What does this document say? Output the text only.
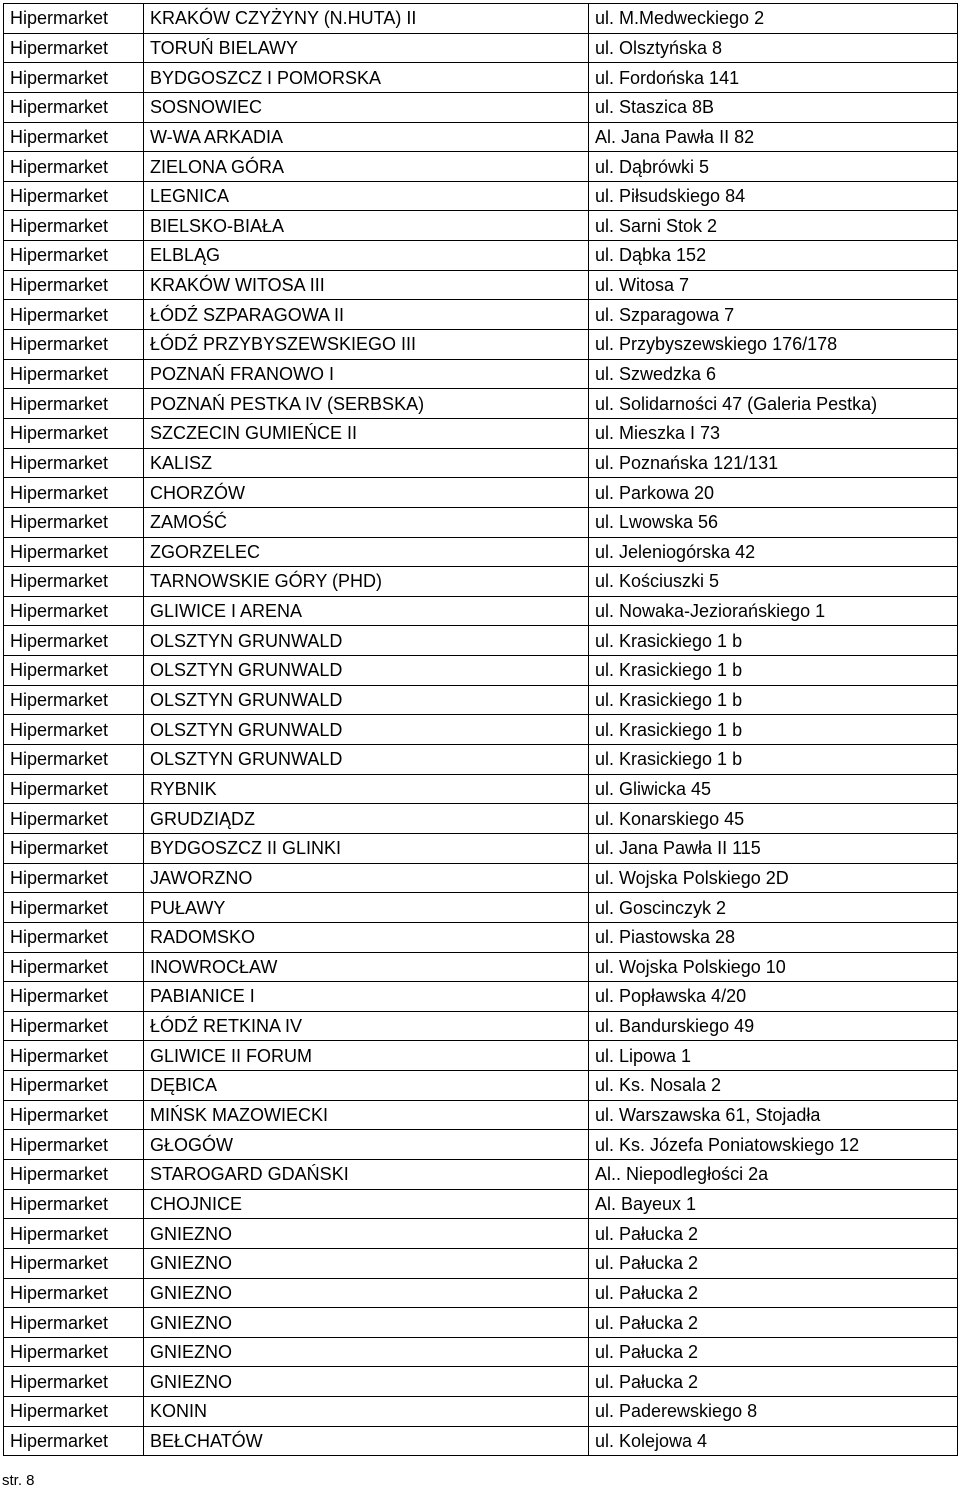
Hipermarket	KRAKÓW CZYŻYNY (N.HUTA) II	ul. M.Medweckiego 2
Hipermarket	TORUŃ BIELAWY	ul. Olsztyńska 8
Hipermarket	BYDGOSZCZ I POMORSKA	ul. Fordońska 141
Hipermarket	SOSNOWIEC	ul. Staszica 8B
Hipermarket	W-WA ARKADIA	Al. Jana Pawła II 82
Hipermarket	ZIELONA GÓRA	ul. Dąbrówki 5
Hipermarket	LEGNICA	ul. Piłsudskiego 84
Hipermarket	BIELSKO-BIAŁA	ul. Sarni Stok 2
Hipermarket	ELBLĄG	ul. Dąbka 152
Hipermarket	KRAKÓW WITOSA III	ul. Witosa 7
Hipermarket	ŁÓDŹ SZPARAGOWA II	ul. Szparagowa 7
Hipermarket	ŁÓDŹ PRZYBYSZEWSKIEGO III	ul. Przybyszewskiego 176/178
Hipermarket	POZNAŃ FRANOWO I	ul. Szwedzka 6
Hipermarket	POZNAŃ PESTKA IV (SERBSKA)	ul. Solidarności 47 (Galeria Pestka)
Hipermarket	SZCZECIN GUMIEŃCE II	ul. Mieszka I 73
Hipermarket	KALISZ	ul. Poznańska 121/131
Hipermarket	CHORZÓW	ul. Parkowa 20
Hipermarket	ZAMOŚĆ	ul. Lwowska 56
Hipermarket	ZGORZELEC	ul. Jeleniogórska 42
Hipermarket	TARNOWSKIE GÓRY (PHD)	ul. Kościuszki 5
Hipermarket	GLIWICE I ARENA	ul. Nowaka-Jeziorańskiego 1
Hipermarket	OLSZTYN GRUNWALD	ul. Krasickiego 1 b
Hipermarket	OLSZTYN GRUNWALD	ul. Krasickiego 1 b
Hipermarket	OLSZTYN GRUNWALD	ul. Krasickiego 1 b
Hipermarket	OLSZTYN GRUNWALD	ul. Krasickiego 1 b
Hipermarket	OLSZTYN GRUNWALD	ul. Krasickiego 1 b
Hipermarket	RYBNIK	ul. Gliwicka 45
Hipermarket	GRUDZIĄDZ	ul. Konarskiego 45
Hipermarket	BYDGOSZCZ II GLINKI	ul. Jana Pawła II 115
Hipermarket	JAWORZNO	ul. Wojska Polskiego 2D
Hipermarket	PUŁAWY	ul. Goscinczyk 2
Hipermarket	RADOMSKO	ul. Piastowska 28
Hipermarket	INOWROCŁAW	ul. Wojska Polskiego 10
Hipermarket	PABIANICE I	ul. Popławska 4/20
Hipermarket	ŁÓDŹ RETKINA IV	ul. Bandurskiego 49
Hipermarket	GLIWICE II FORUM	ul. Lipowa 1
Hipermarket	DĘBICA	ul. Ks. Nosala 2
Hipermarket	MIŃSK MAZOWIECKI	ul. Warszawska 61, Stojadła
Hipermarket	GŁOGÓW	ul. Ks. Józefa Poniatowskiego 12
Hipermarket	STAROGARD GDAŃSKI	Al.. Niepodległości 2a
Hipermarket	CHOJNICE	Al. Bayeux 1
Hipermarket	GNIEZNO	ul. Pałucka 2
Hipermarket	GNIEZNO	ul. Pałucka 2
Hipermarket	GNIEZNO	ul. Pałucka 2
Hipermarket	GNIEZNO	ul. Pałucka 2
Hipermarket	GNIEZNO	ul. Pałucka 2
Hipermarket	GNIEZNO	ul. Pałucka 2
Hipermarket	KONIN	ul. Paderewskiego 8
Hipermarket	BEŁCHATÓW	ul. Kolejowa 4
str. 8
